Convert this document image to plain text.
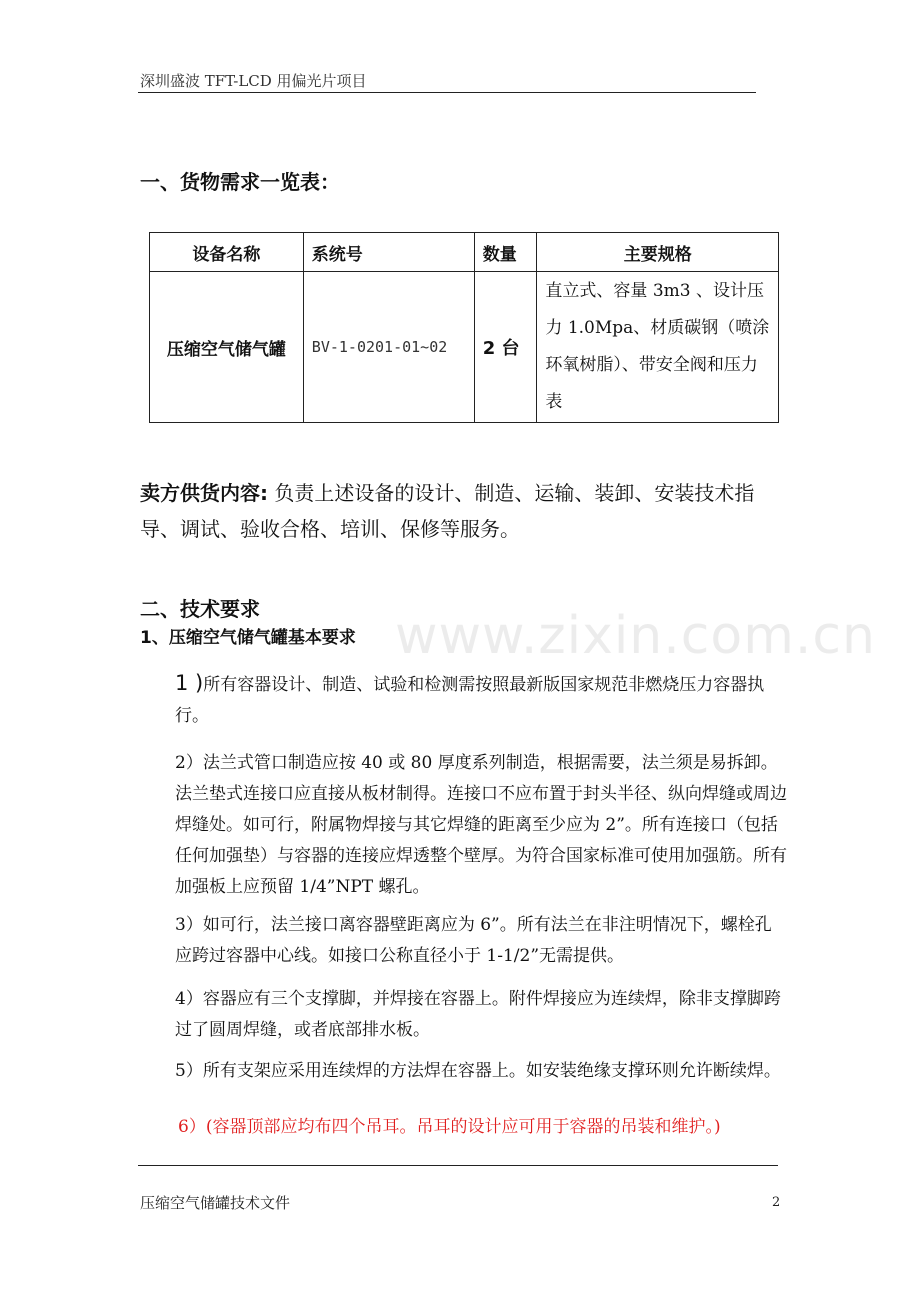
深圳盛波 TFT-LCD 用偏光片项目
一、货物需求一览表：
设备名称	系统号	数量	主要规格
压缩空气储气罐	BV-1-0201-01~02	2 台	直立式、容量 3m3 、设计压力 1.0Mpa、材质碳钢（喷涂环氧树脂）、带安全阀和压力表
卖方供货内容: 负责上述设备的设计、制造、运输、装卸、安装技术指导、调试、验收合格、培训、保修等服务。
www.zixin.com.cn
二、技术要求
1、压缩空气储气罐基本要求
1 )所有容器设计、制造、试验和检测需按照最新版国家规范非燃烧压力容器执行。
2）法兰式管口制造应按 40 或 80 厚度系列制造，根据需要，法兰须是易拆卸。法兰垫式连接口应直接从板材制得。连接口不应布置于封头半径、纵向焊缝或周边焊缝处。如可行，附属物焊接与其它焊缝的距离至少应为 2”。所有连接口（包括任何加强垫）与容器的连接应焊透整个壁厚。为符合国家标准可使用加强筋。所有加强板上应预留 1/4”NPT 螺孔。
3）如可行，法兰接口离容器壁距离应为 6”。所有法兰在非注明情况下，螺栓孔应跨过容器中心线。如接口公称直径小于 1-1/2”无需提供。
4）容器应有三个支撑脚，并焊接在容器上。附件焊接应为连续焊，除非支撑脚跨过了圆周焊缝，或者底部排水板。
5）所有支架应采用连续焊的方法焊在容器上。如安装绝缘支撑环则允许断续焊。
6）(容器顶部应均布四个吊耳。吊耳的设计应可用于容器的吊装和维护。)
压缩空气储罐技术文件	2
